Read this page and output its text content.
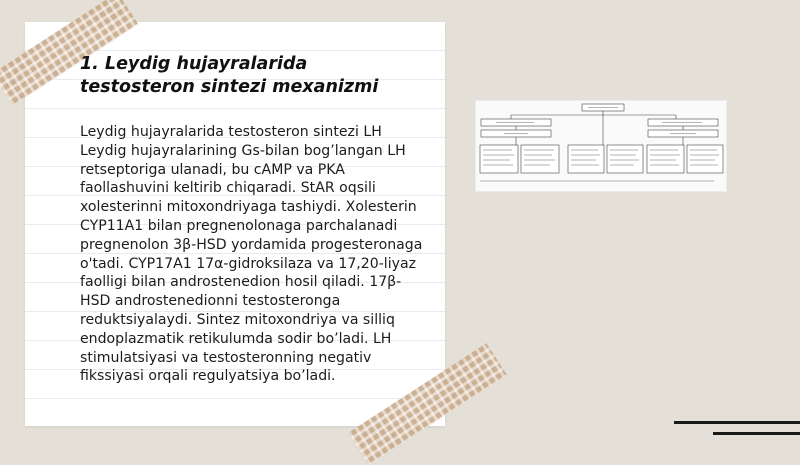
1. Leydig hujayralarida testosteron sintezi mexanizmi

Leydig hujayralarida testosteron sintezi LH Leydig hujayralarining Gs-bilan bog’langan LH retseptoriga ulanadi, bu cAMP va PKA faollashuvini keltirib chiqaradi. StAR oqsili xolesterinni mitoxondriyaga tashiydi. Xolesterin CYP11A1 bilan pregnenolonaga parchalanadi pregnenolon 3β-HSD yordamida progesteronaga o'tadi. CYP17A1 17α-gidroksilaza va 17,20-liyaz faolligi bilan androstenedion hosil qiladi. 17β-HSD androstenedionni testosteronga reduktsiyalaydi. Sintez mitoxondriya va silliq endoplazmatik retikulumda sodir bo’ladi. LH stimulatsiyasi va testosteronning negativ fikssiyasi orqali regulyatsiya bo’ladi.
